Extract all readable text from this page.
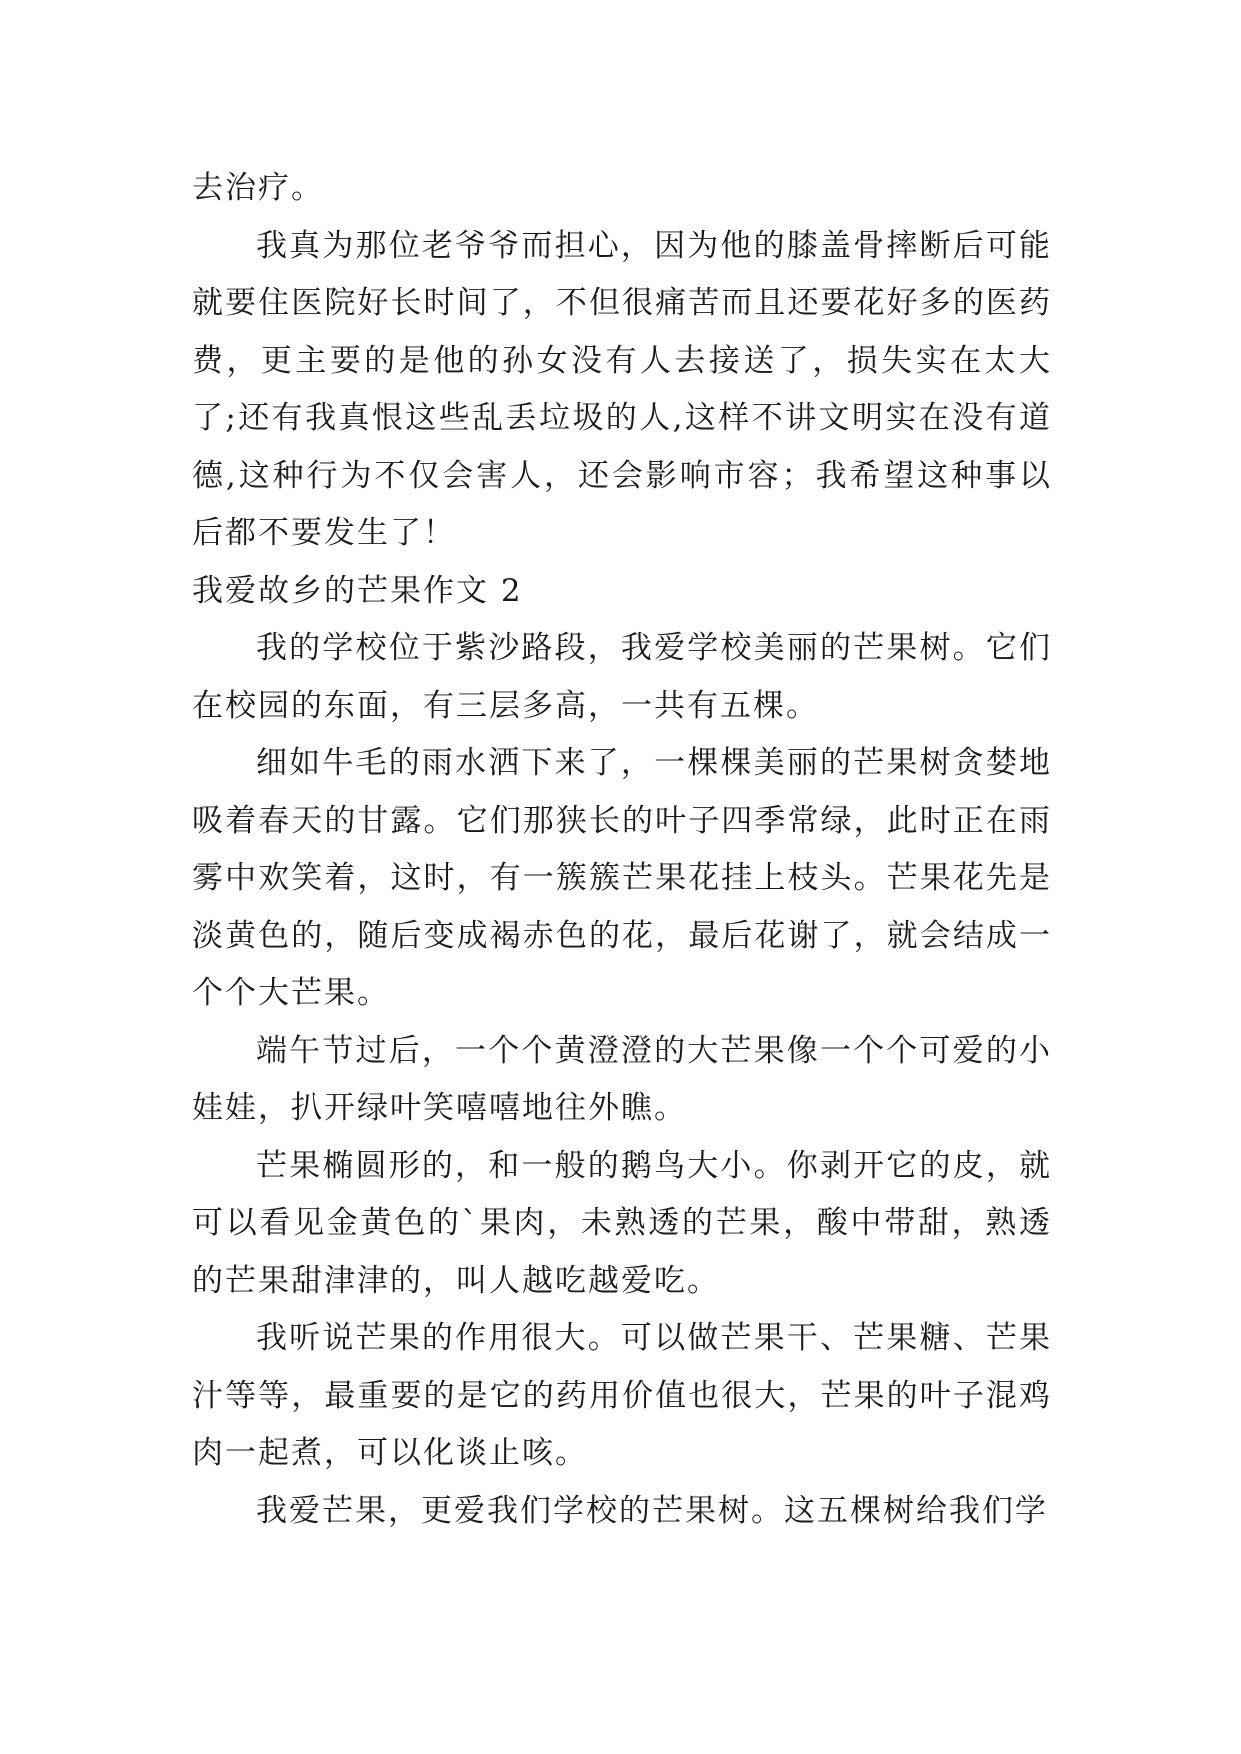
去治疗。

我真为那位老爷爷而担心，因为他的膝盖骨摔断后可能就要住医院好长时间了，不但很痛苦而且还要花好多的医药费，更主要的是他的孙女没有人去接送了，损失实在太大了;还有我真恨这些乱丢垃圾的人,这样不讲文明实在没有道德,这种行为不仅会害人，还会影响市容；我希望这种事以后都不要发生了！

我爱故乡的芒果作文 2

我的学校位于紫沙路段，我爱学校美丽的芒果树。它们在校园的东面，有三层多高，一共有五棵。

细如牛毛的雨水洒下来了，一棵棵美丽的芒果树贪婪地吸着春天的甘露。它们那狭长的叶子四季常绿，此时正在雨雾中欢笑着，这时，有一簇簇芒果花挂上枝头。芒果花先是淡黄色的，随后变成褐赤色的花，最后花谢了，就会结成一个个大芒果。

端午节过后，一个个黄澄澄的大芒果像一个个可爱的小娃娃，扒开绿叶笑嘻嘻地往外瞧。

芒果椭圆形的，和一般的鹅鸟大小。你剥开它的皮，就可以看见金黄色的`果肉，未熟透的芒果，酸中带甜，熟透的芒果甜津津的，叫人越吃越爱吃。

我听说芒果的作用很大。可以做芒果干、芒果糖、芒果汁等等，最重要的是它的药用价值也很大，芒果的叶子混鸡肉一起煮，可以化谈止咳。

我爱芒果，更爱我们学校的芒果树。这五棵树给我们学
